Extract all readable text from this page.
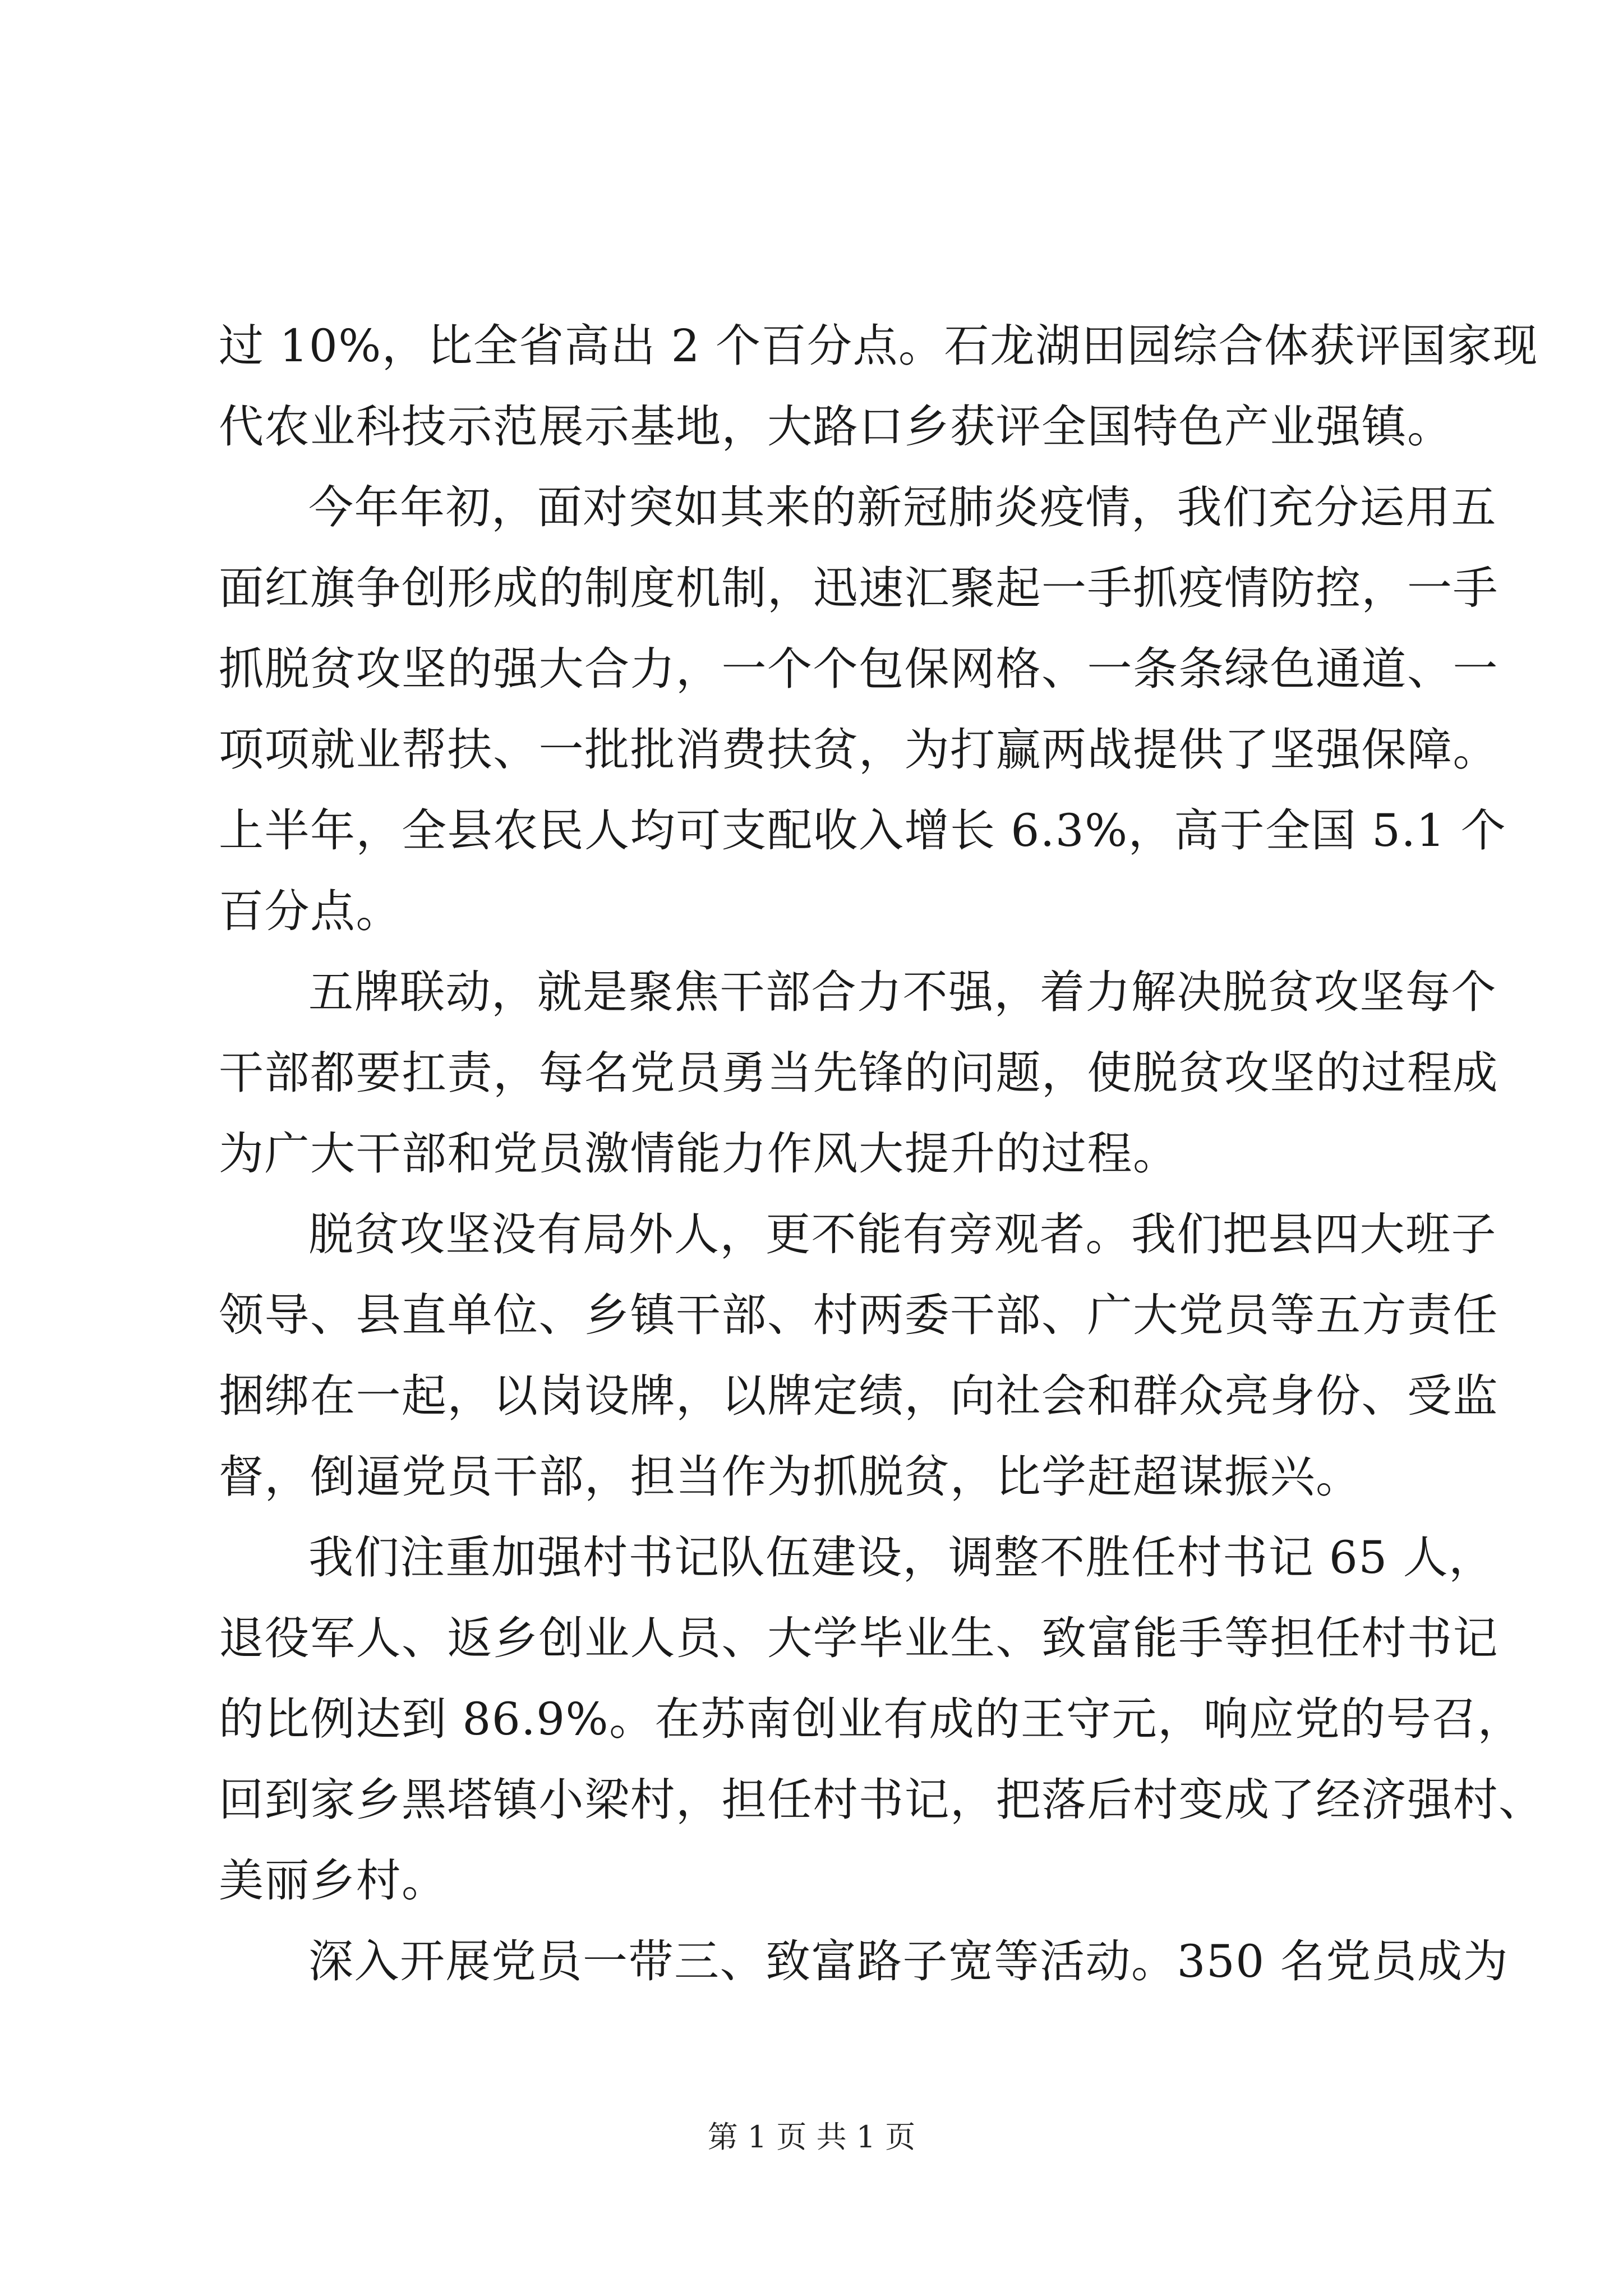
过 10%，比全省高出 2 个百分点。石龙湖田园综合体获评国家现
代农业科技示范展示基地，大路口乡获评全国特色产业强镇。
今年年初，面对突如其来的新冠肺炎疫情，我们充分运用五
面红旗争创形成的制度机制，迅速汇聚起一手抓疫情防控，一手
抓脱贫攻坚的强大合力，一个个包保网格、一条条绿色通道、一
项项就业帮扶、一批批消费扶贫，为打赢两战提供了坚强保障。
上半年，全县农民人均可支配收入增长 6.3%，高于全国 5.1 个
百分点。
五牌联动，就是聚焦干部合力不强，着力解决脱贫攻坚每个
干部都要扛责，每名党员勇当先锋的问题，使脱贫攻坚的过程成
为广大干部和党员激情能力作风大提升的过程。
脱贫攻坚没有局外人，更不能有旁观者。我们把县四大班子
领导、县直单位、乡镇干部、村两委干部、广大党员等五方责任
捆绑在一起，以岗设牌，以牌定绩，向社会和群众亮身份、受监
督，倒逼党员干部，担当作为抓脱贫，比学赶超谋振兴。
我们注重加强村书记队伍建设，调整不胜任村书记 65 人，
退役军人、返乡创业人员、大学毕业生、致富能手等担任村书记
的比例达到 86.9%。在苏南创业有成的王守元，响应党的号召，
回到家乡黑塔镇小梁村，担任村书记，把落后村变成了经济强村、
美丽乡村。
深入开展党员一带三、致富路子宽等活动。350 名党员成为
第 1 页 共 1 页
